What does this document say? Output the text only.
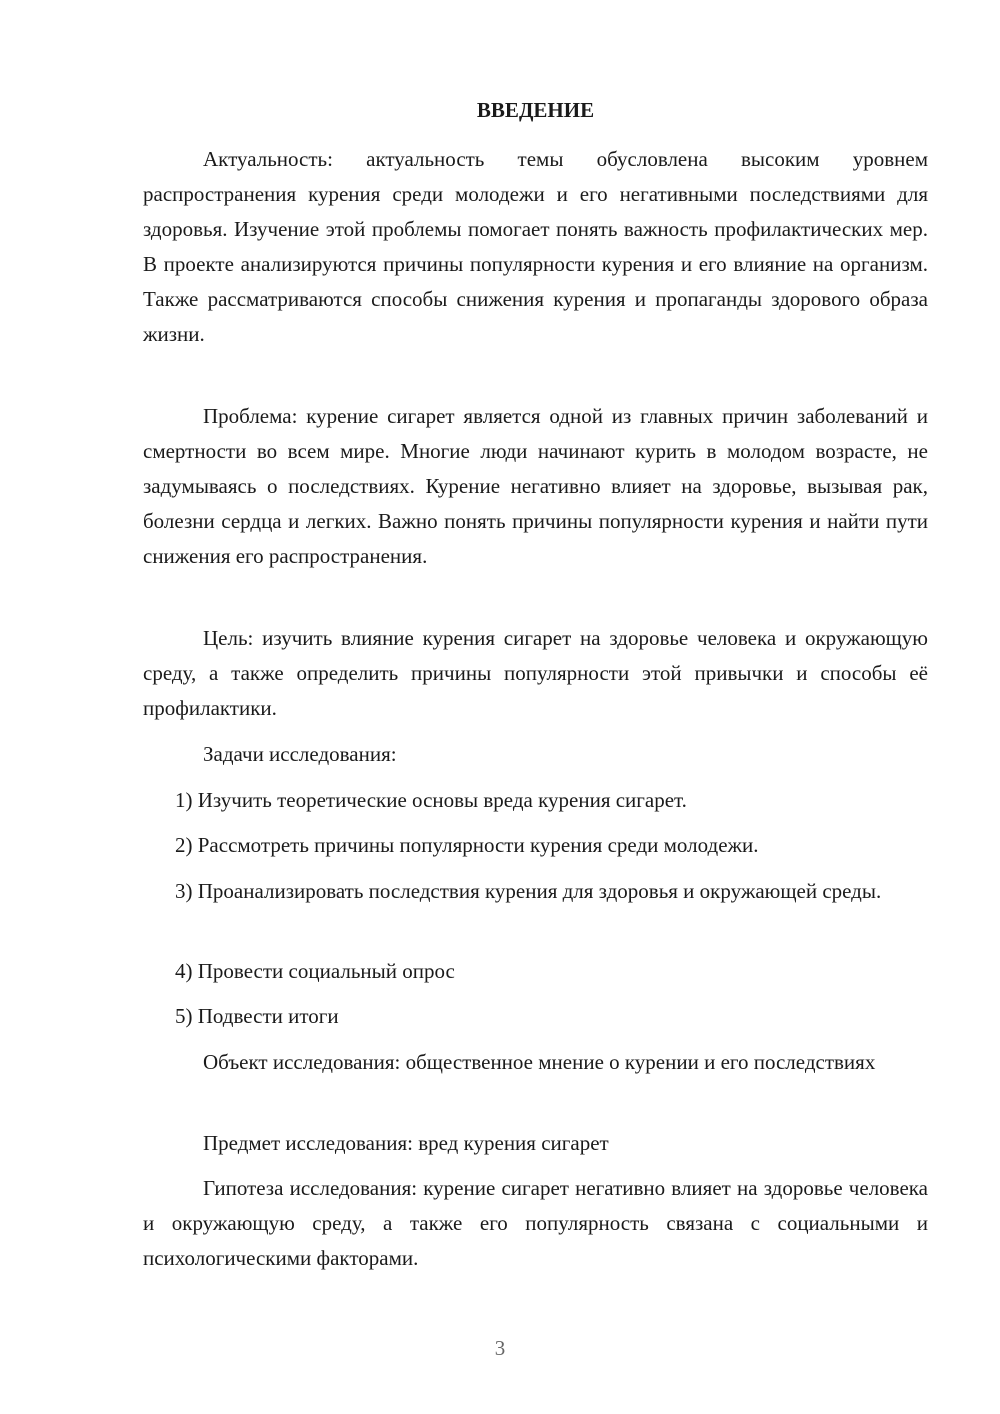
ВВЕДЕНИЕ

Актуальность: актуальность темы обусловлена высоким уровнем распространения курения среди молодежи и его негативными последствиями для здоровья. Изучение этой проблемы помогает понять важность профилактических мер. В проекте анализируются причины популярности курения и его влияние на организм. Также рассматриваются способы снижения курения и пропаганды здорового образа жизни.

Проблема: курение сигарет является одной из главных причин заболеваний и смертности во всем мире. Многие люди начинают курить в молодом возрасте, не задумываясь о последствиях. Курение негативно влияет на здоровье, вызывая рак, болезни сердца и легких. Важно понять причины популярности курения и найти пути снижения его распространения.

Цель: изучить влияние курения сигарет на здоровье человека и окружающую среду, а также определить причины популярности этой привычки и способы её профилактики.

Задачи исследования:

1) Изучить теоретические основы вреда курения сигарет.

2) Рассмотреть причины популярности курения среди молодежи.

3) Проанализировать последствия курения для здоровья и окружающей среды.

4) Провести социальный опрос

5) Подвести итоги

Объект исследования: общественное мнение о курении и его последствиях

Предмет исследования: вред курения сигарет

Гипотеза исследования: курение сигарет негативно влияет на здоровье человека и окружающую среду, а также его популярность связана с социальными и психологическими факторами.

3
